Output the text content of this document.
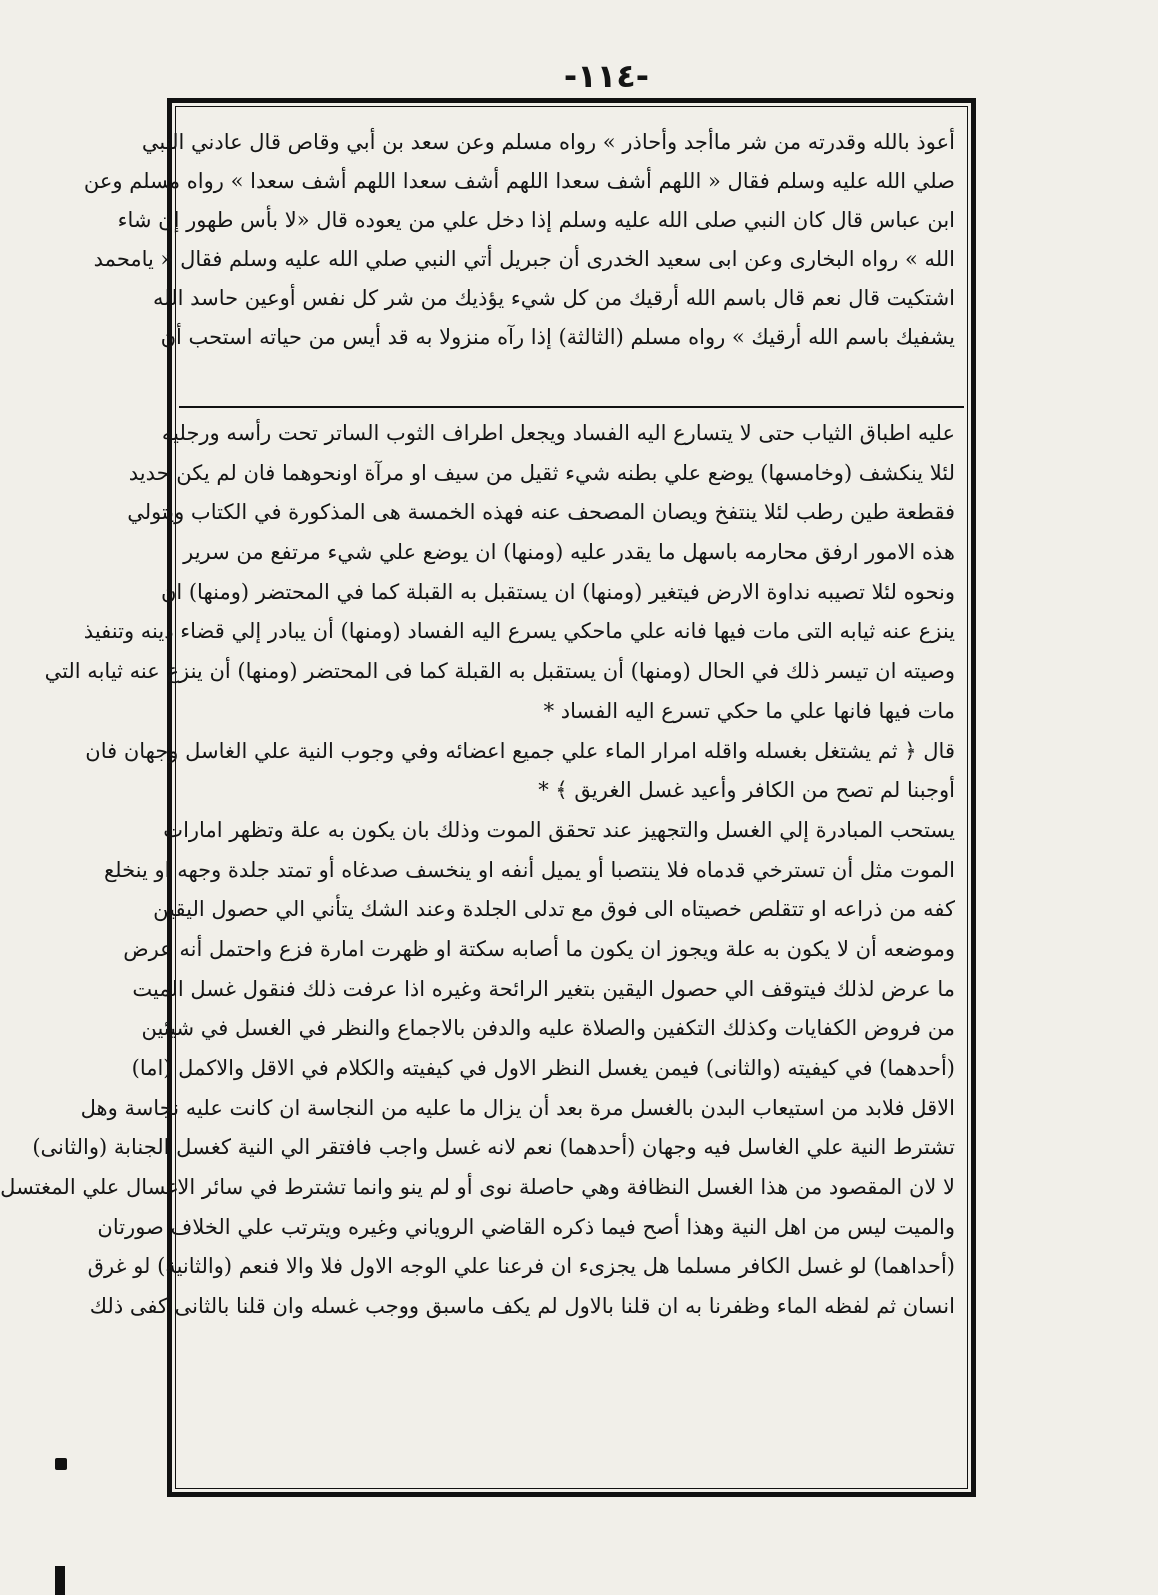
-١١٤-
أعوذ بالله وقدرته من شر ماأجد وأحاذر » رواه مسلم وعن سعد بن أبي وقاص قال عادني النبي
صلي الله عليه وسلم فقال « اللهم أشف سعدا اللهم أشف سعدا اللهم أشف سعدا » رواه مسلم وعن
ابن عباس قال كان النبي صلى الله عليه وسلم إذا دخل علي من يعوده قال «لا بأس طهور إن شاء
الله » رواه البخارى وعن ابى سعيد الخدرى أن جبريل أتي النبي صلي الله عليه وسلم فقال « يامحمد
اشتكيت قال نعم قال باسم الله أرقيك من كل شيء يؤذيك من شر كل نفس أوعين حاسد الله
يشفيك باسم الله أرقيك » رواه مسلم (الثالثة) إذا رآه منزولا به قد أيس من حياته استحب أن
عليه اطباق الثياب حتى لا يتسارع اليه الفساد ويجعل اطراف الثوب الساتر تحت رأسه ورجليه
لئلا ينكشف (وخامسها) يوضع علي بطنه شيء ثقيل من سيف او مرآة اونحوهما فان لم يكن حديد
فقطعة طين رطب لئلا ينتفخ ويصان المصحف عنه فهذه الخمسة هى المذكورة في الكتاب ويتولي
هذه الامور ارفق محارمه باسهل ما يقدر عليه (ومنها) ان يوضع علي شيء مرتفع من سرير
ونحوه لئلا تصيبه نداوة الارض فيتغير (ومنها) ان يستقبل به القبلة كما في المحتضر (ومنها) ان
ينزع عنه ثيابه التى مات فيها فانه علي ماحكي يسرع اليه الفساد (ومنها) أن يبادر إلي قضاء دينه وتنفيذ
وصيته ان تيسر ذلك في الحال (ومنها) أن يستقبل به القبلة كما فى المحتضر (ومنها) أن ينزع عنه ثيابه التي
مات فيها فانها علي ما حكي تسرع اليه الفساد *
قال ﴿ ثم يشتغل بغسله واقله امرار الماء علي جميع اعضائه وفي وجوب النية علي الغاسل وجهان فان
أوجبنا لم تصح من الكافر وأعيد غسل الغريق ﴾ *
يستحب المبادرة إلي الغسل والتجهيز عند تحقق الموت وذلك بان يكون به علة وتظهر امارات
الموت مثل أن تسترخي قدماه فلا ينتصبا أو يميل أنفه او ينخسف صدغاه أو تمتد جلدة وجهه او ينخلع
كفه من ذراعه او تتقلص خصيتاه الى فوق مع تدلى الجلدة وعند الشك يتأني الي حصول اليقين
وموضعه أن لا يكون به علة ويجوز ان يكون ما أصابه سكتة او ظهرت امارة فزع واحتمل أنه عرض
ما عرض لذلك فيتوقف الي حصول اليقين بتغير الرائحة وغيره اذا عرفت ذلك فنقول غسل الميت
من فروض الكفايات وكذلك التكفين والصلاة عليه والدفن بالاجماع والنظر في الغسل في شيئين
(أحدهما) في كيفيته (والثانى) فيمن يغسل النظر الاول في كيفيته والكلام في الاقل والاكمل (اما)
الاقل فلابد من استيعاب البدن بالغسل مرة بعد أن يزال ما عليه من النجاسة ان كانت عليه نجاسة وهل
تشترط النية علي الغاسل فيه وجهان (أحدهما) نعم لانه غسل واجب فافتقر الي النية كغسل الجنابة (والثانى)
لا لان المقصود من هذا الغسل النظافة وهي حاصلة نوى أو لم ينو وانما تشترط في سائر الاغسال علي المغتسل
والميت ليس من اهل النية وهذا أصح فيما ذكره القاضي الروياني وغيره ويترتب علي الخلاف صورتان
(أحداهما) لو غسل الكافر مسلما هل يجزىء ان فرعنا علي الوجه الاول فلا والا فنعم (والثانية) لو غرق
انسان ثم لفظه الماء وظفرنا به ان قلنا بالاول لم يكف ماسبق ووجب غسله وان قلنا بالثانى كفى ذلك
